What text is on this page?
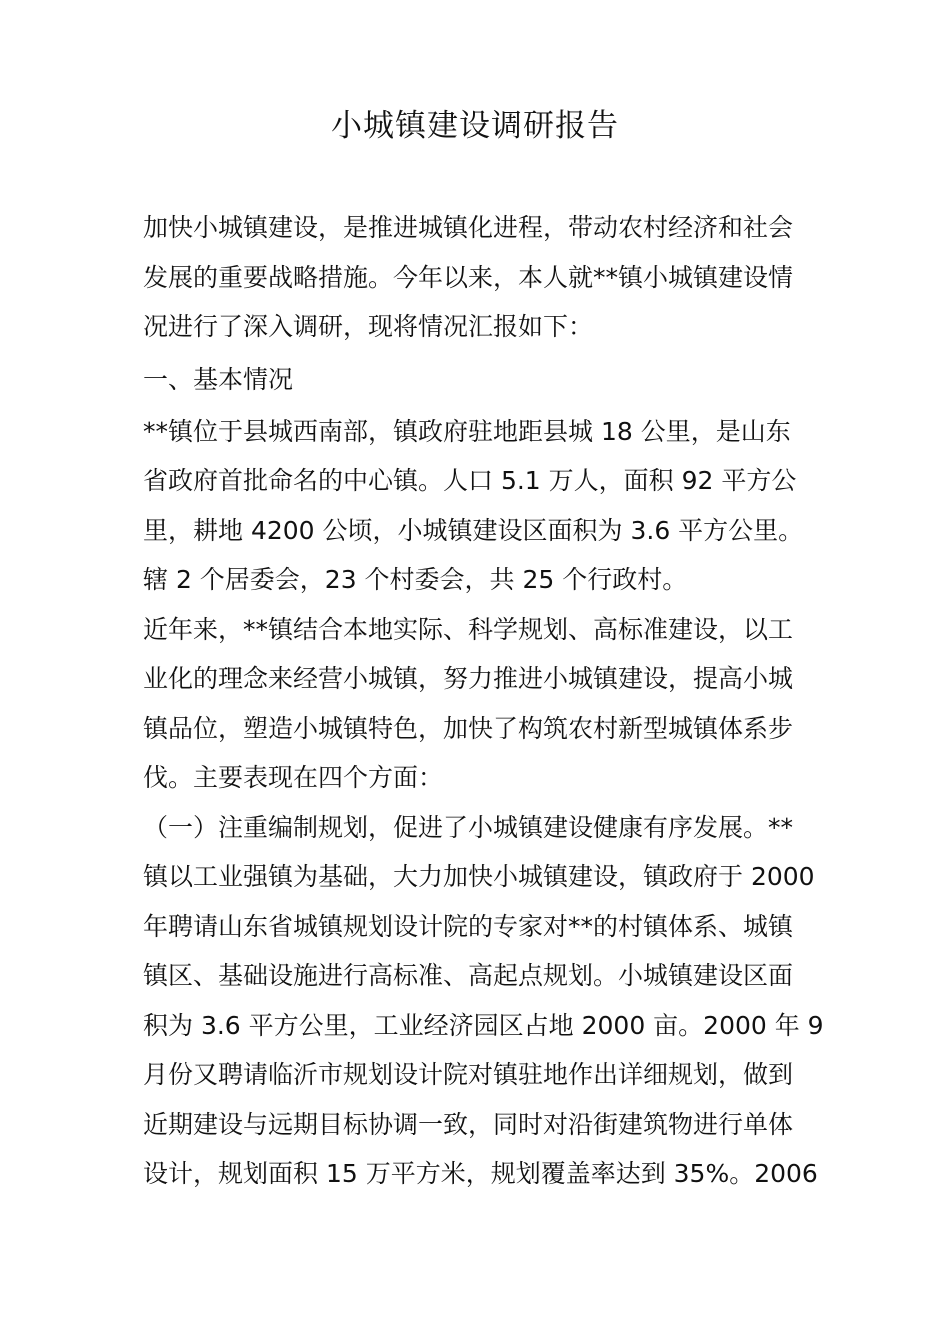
小城镇建设调研报告
加快小城镇建设，是推进城镇化进程，带动农村经济和社会
发展的重要战略措施。今年以来，本人就**镇小城镇建设情
况进行了深入调研，现将情况汇报如下：
一、基本情况
**镇位于县城西南部，镇政府驻地距县城 18 公里，是山东
省政府首批命名的中心镇。人口 5.1 万人，面积 92 平方公
里，耕地 4200 公顷，小城镇建设区面积为 3.6 平方公里。
辖 2 个居委会，23 个村委会，共 25 个行政村。
近年来，**镇结合本地实际、科学规划、高标准建设，以工
业化的理念来经营小城镇，努力推进小城镇建设，提高小城
镇品位，塑造小城镇特色，加快了构筑农村新型城镇体系步
伐。主要表现在四个方面：
（一）注重编制规划，促进了小城镇建设健康有序发展。**
镇以工业强镇为基础，大力加快小城镇建设，镇政府于 2000
年聘请山东省城镇规划设计院的专家对**的村镇体系、城镇
镇区、基础设施进行高标准、高起点规划。小城镇建设区面
积为 3.6 平方公里，工业经济园区占地 2000 亩。2000 年 9
月份又聘请临沂市规划设计院对镇驻地作出详细规划，做到
近期建设与远期目标协调一致，同时对沿街建筑物进行单体
设计，规划面积 15 万平方米，规划覆盖率达到 35%。2006
